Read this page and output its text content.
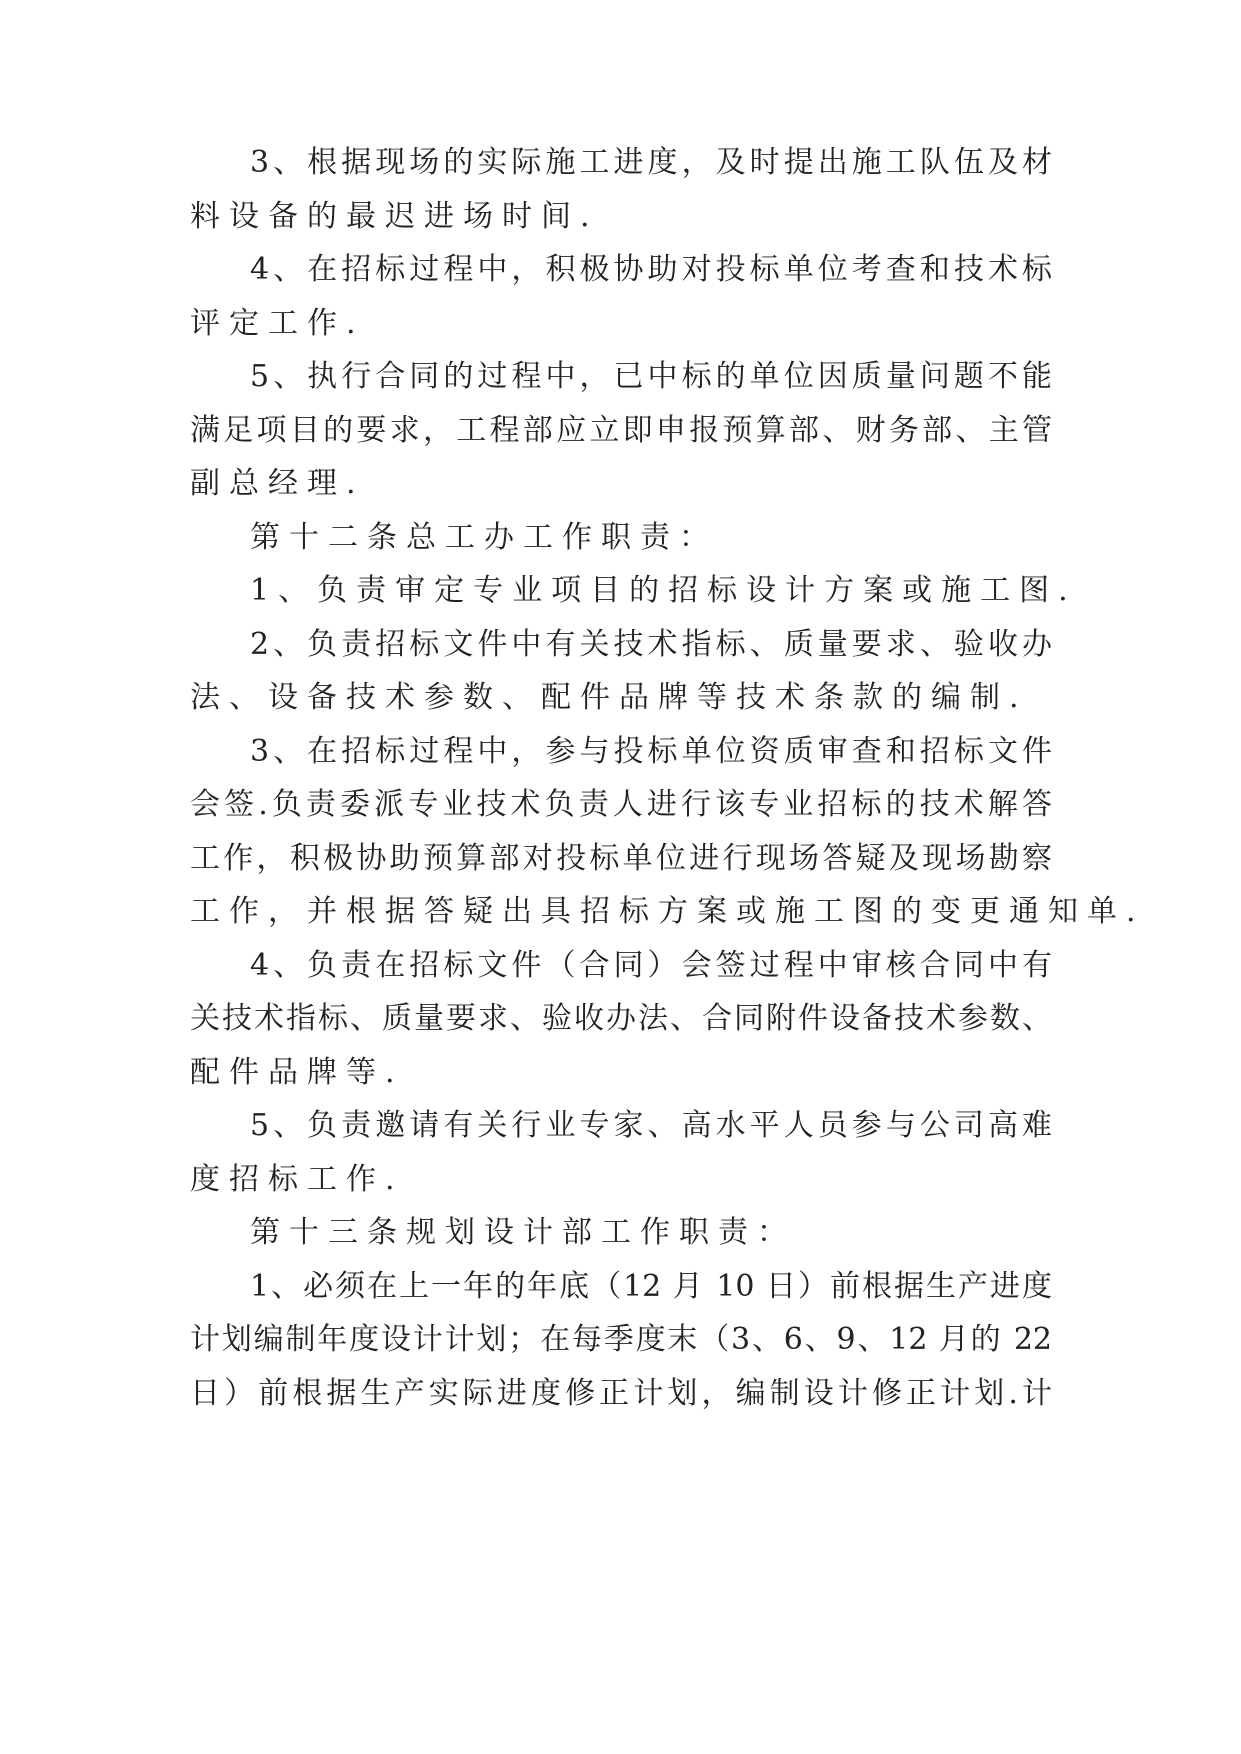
3、根据现场的实际施工进度，及时提出施工队伍及材
料设备的最迟进场时间.
4、在招标过程中，积极协助对投标单位考查和技术标
评定工作.
5、执行合同的过程中，已中标的单位因质量问题不能
满足项目的要求，工程部应立即申报预算部、财务部、主管
副总经理.
第十二条总工办工作职责：
1、负责审定专业项目的招标设计方案或施工图.
2、负责招标文件中有关技术指标、质量要求、验收办
法、设备技术参数、配件品牌等技术条款的编制.
3、在招标过程中，参与投标单位资质审查和招标文件
会签.负责委派专业技术负责人进行该专业招标的技术解答
工作，积极协助预算部对投标单位进行现场答疑及现场勘察
工作，并根据答疑出具招标方案或施工图的变更通知单.
4、负责在招标文件（合同）会签过程中审核合同中有
关技术指标、质量要求、验收办法、合同附件设备技术参数、
配件品牌等.
5、负责邀请有关行业专家、高水平人员参与公司高难
度招标工作.
第十三条规划设计部工作职责：
1、必须在上一年的年底（12 月 10 日）前根据生产进度
计划编制年度设计计划；在每季度末（3、6、9、12 月的 22
日）前根据生产实际进度修正计划，编制设计修正计划.计
